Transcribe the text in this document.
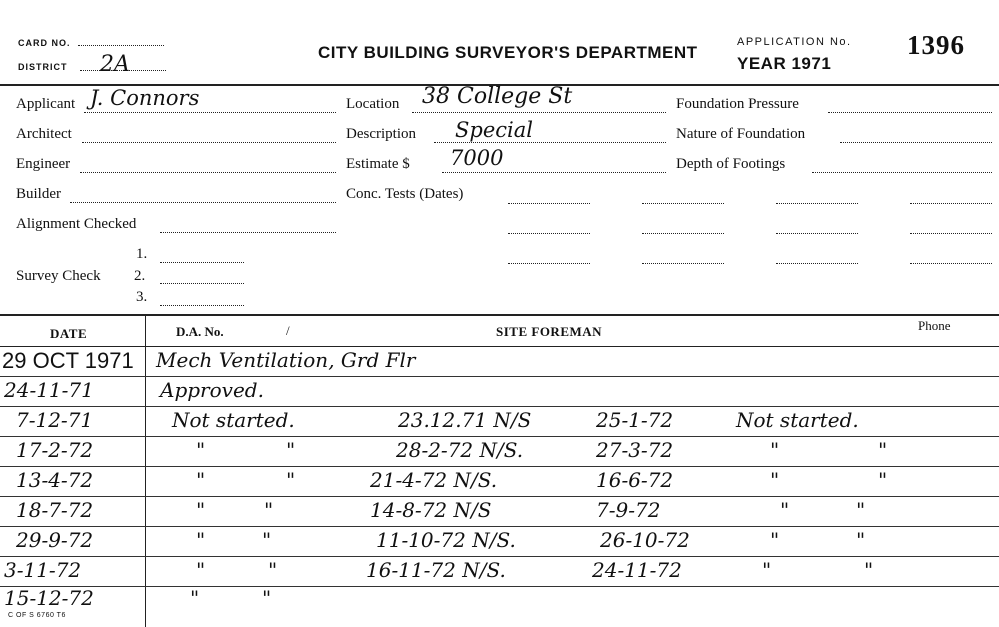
CARD NO.
DISTRICT 2A	CITY BUILDING SURVEYOR'S DEPARTMENT
APPLICATION No.
YEAR 1971
1396
Applicant J. Connors
Architect
Engineer
Builder
Alignment Checked
1.
Survey Check 2.
3.
Location 38 College St
Description Special
Estimate $ 7000
Conc. Tests (Dates)
Foundation Pressure
Nature of Foundation
Depth of Footings
DATE	D.A. No.	/	SITE FOREMAN	Phone
29 OCT 1971 Mech Ventilation, Grd Flr
24-11-71	Approved.
7-12-71	Not started.	23.12.71 N/S	25-1-72	Not started.
17-2-72	"	"	28-2-72 N/S.	27-3-72	"	"
13-4-72	"	"	21-4-72 N/S.	16-6-72	"	"
18-7-72	"	"	14-8-72 N/S	7-9-72	"	"
29-9-72	"	"	11-10-72 N/S.	26-10-72	"	"
3-11-72	"	"	16-11-72 N/S.	24-11-72	"	"
15-12-72	"	"
C OF S 6760 T6
